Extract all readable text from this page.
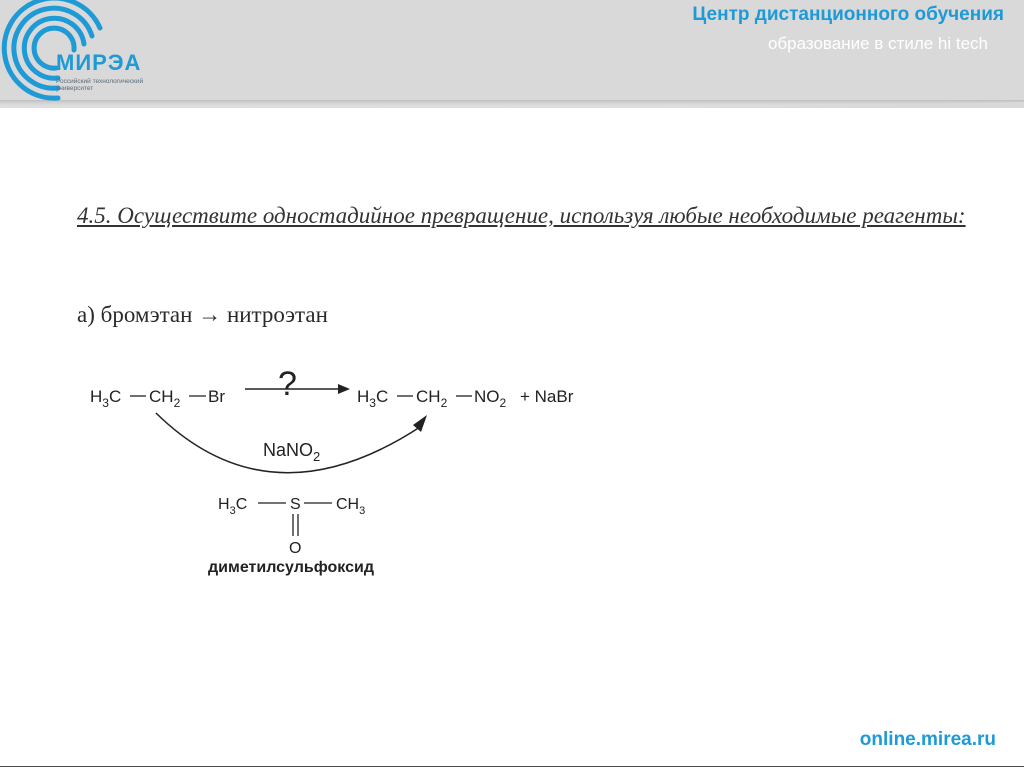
МИРЭА
Российский технологический университет
Центр дистанционного обучения
образование в стиле hi tech
4.5. Осуществите одностадийное превращение, используя любые необходимые реагенты:
а) бромэтан → нитроэтан
$H_3C$ $CH_2$ Br ?	$H_3C$ $CH_2$ $NO_2$ + NaBr
NaNO$_2$
$H_3C$	S $CH_3$
O
диметилсульфоксид
online.mirea.ru
